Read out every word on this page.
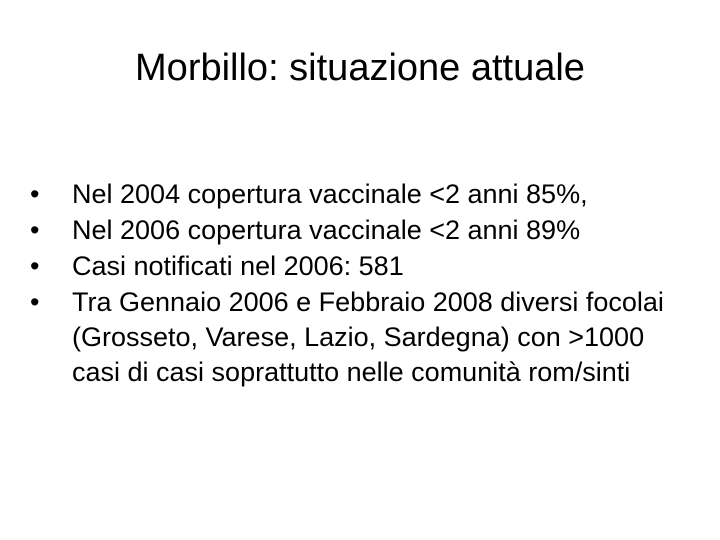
Morbillo: situazione attuale
•	Nel 2004 copertura vaccinale <2 anni 85%,
•	Nel 2006 copertura vaccinale <2 anni 89%
•	Casi notificati nel 2006: 581
•	Tra Gennaio 2006 e Febbraio 2008 diversi focolai (Grosseto, Varese, Lazio, Sardegna) con >1000 casi di casi soprattutto nelle comunità rom/sinti
